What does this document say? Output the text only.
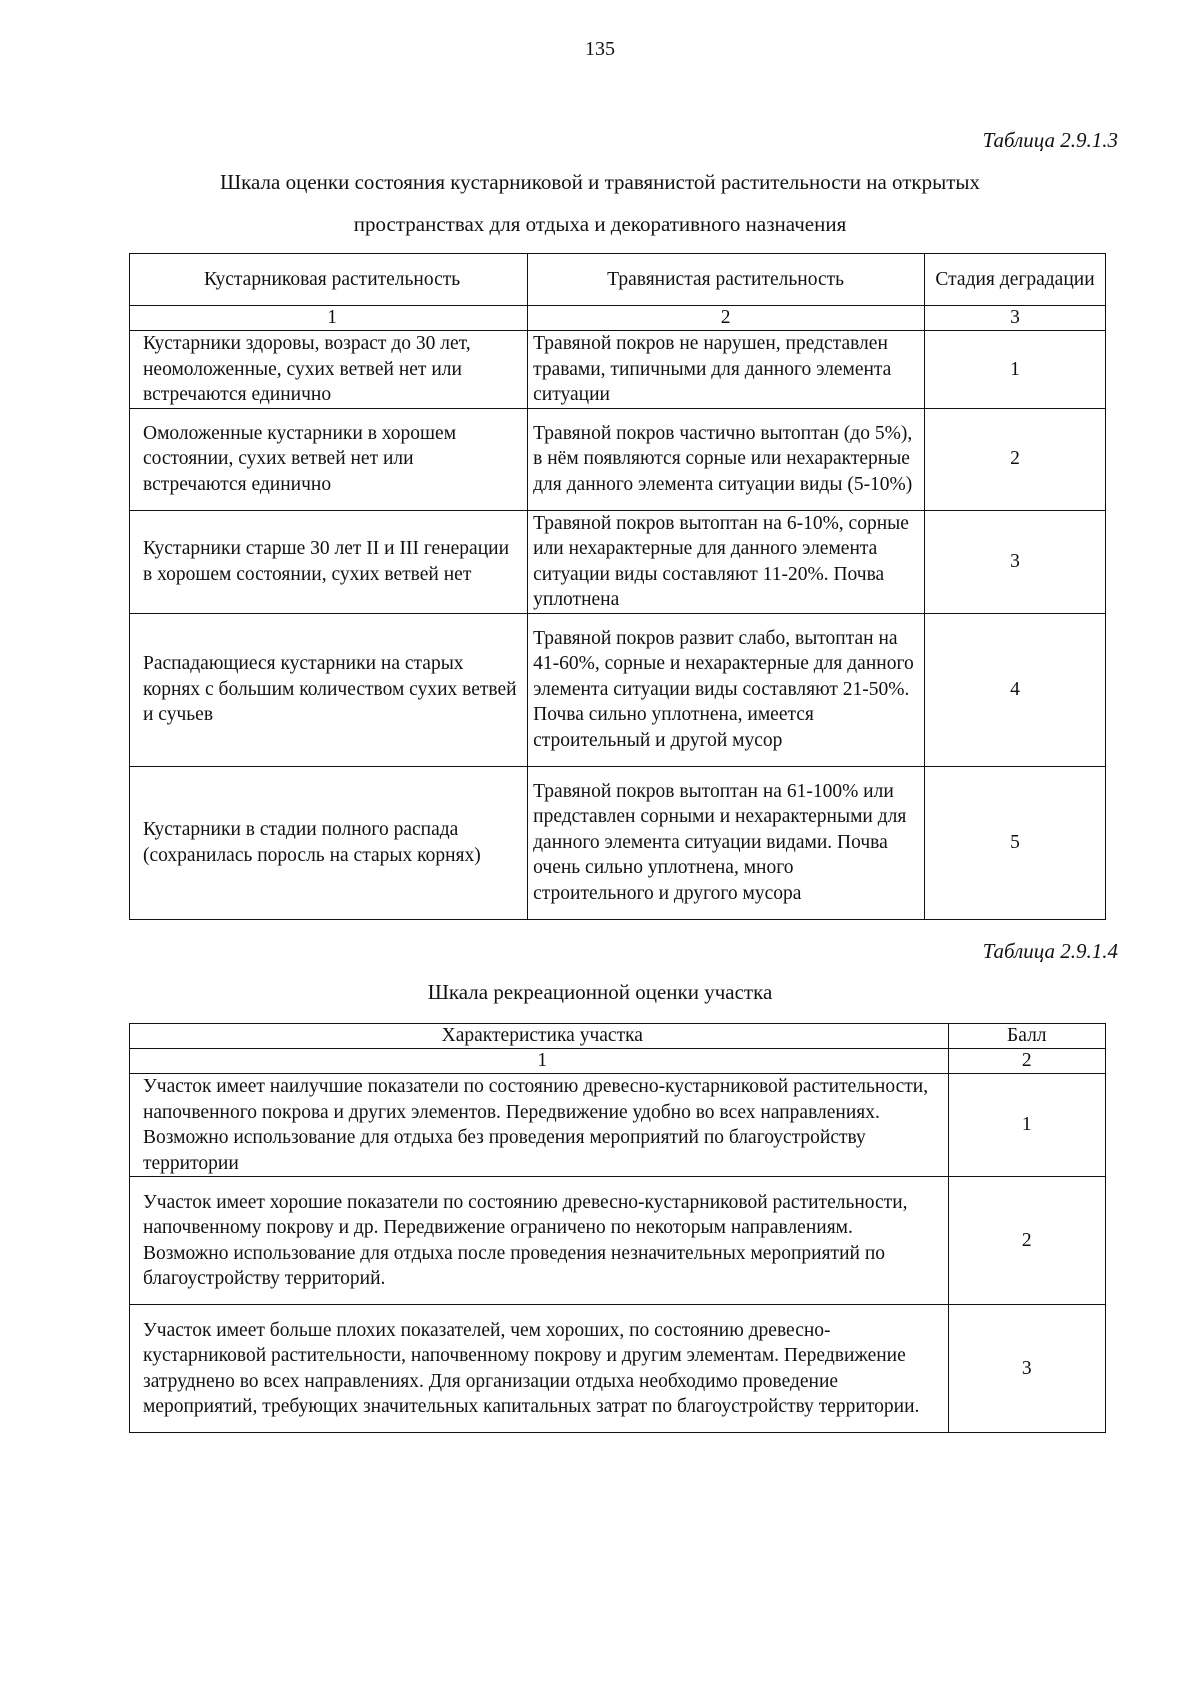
135
Таблица 2.9.1.3
Шкала оценки состояния кустарниковой и травянистой растительности на открытых
пространствах для отдыха и декоративного назначения
Кустарниковая растительность	Травянистая растительность	Стадия деградации
1	2	3
Кустарники здоровы, возраст до 30 лет, неомоложенные, сухих ветвей нет или встречаются единично	Травяной покров не нарушен, представлен травами, типичными для данного элемента ситуации	1
Омоложенные кустарники в хорошем состоянии, сухих ветвей нет или встречаются единично	Травяной покров частично вытоптан (до 5%), в нём появляются сорные или нехарактерные для данного элемента ситуации виды (5-10%)	2
Кустарники старше 30 лет II и III генерации в хорошем состоянии, сухих ветвей нет	Травяной покров вытоптан на 6-10%, сорные или нехарактерные для данного элемента ситуации виды составляют 11-20%. Почва уплотнена	3
Распадающиеся кустарники на старых корнях с большим количеством сухих ветвей и сучьев	Травяной покров развит слабо, вытоптан на 41-60%, сорные и нехарактерные для данного элемента ситуации виды составляют 21-50%. Почва сильно уплотнена, имеется строительный и другой мусор	4
Кустарники в стадии полного распада (сохранилась поросль на старых корнях)	Травяной покров вытоптан на 61-100% или представлен сорными и нехарактерными для данного элемента ситуации видами. Почва очень сильно уплотнена, много строительного и другого мусора	5
Таблица 2.9.1.4
Шкала рекреационной оценки участка
Характеристика участка	Балл
1	2
Участок имеет наилучшие показатели по состоянию древесно-кустарниковой растительности, напочвенного покрова и других элементов. Передвижение удобно во всех направлениях. Возможно использование для отдыха без проведения мероприятий по благоустройству территории	1
Участок имеет хорошие показатели по состоянию древесно-кустарниковой растительности, напочвенному покрову и др. Передвижение ограничено по некоторым направлениям. Возможно использование для отдыха после проведения незначительных мероприятий по благоустройству территорий.	2
Участок имеет больше плохих показателей, чем хороших, по состоянию древесно-кустарниковой растительности, напочвенному покрову и другим элементам. Передвижение затруднено во всех направлениях. Для организации отдыха необходимо проведение мероприятий, требующих значительных капитальных затрат по благоустройству территории.	3
